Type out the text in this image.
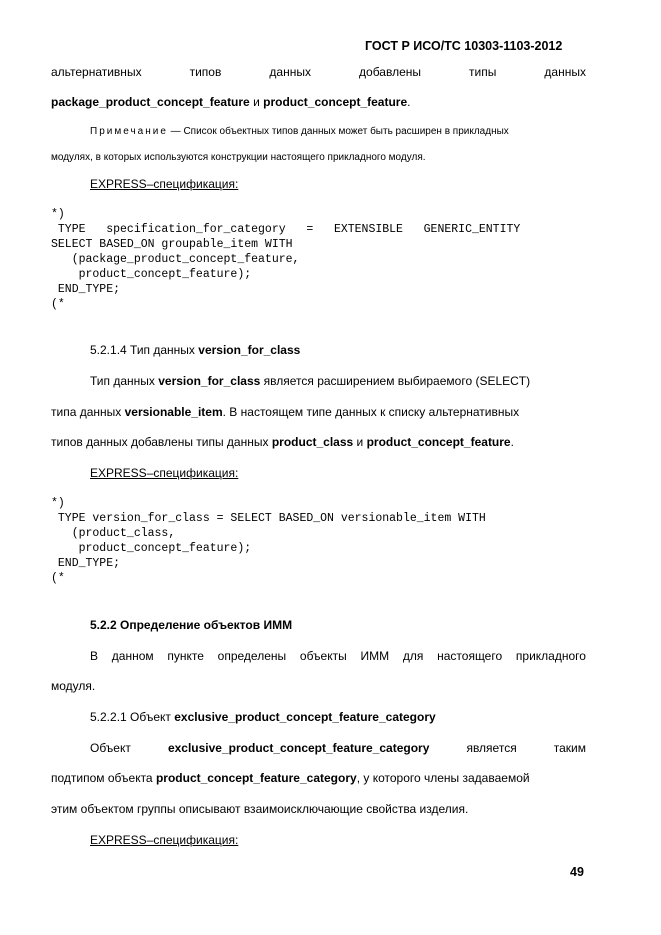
ГОСТ Р ИСО/ТС 10303-1103-2012
альтернативных	типов	данных	добавлены	типы	данных
package_product_concept_feature и product_concept_feature.
Примечание — Список объектных типов данных может быть расширен в прикладных
модулях, в которых используются конструкции настоящего прикладного модуля.
EXPRESS–спецификация:
*)
TYPE   specification_for_category   =   EXTENSIBLE   GENERIC_ENTITY
SELECT BASED_ON groupable_item WITH
(package_product_concept_feature,
product_concept_feature);
END_TYPE;
(*
5.2.1.4 Тип данных version_for_class
Тип данных version_for_class является расширением выбираемого (SELECT)
типа данных versionable_item. В настоящем типе данных к списку альтернативных
типов данных добавлены типы данных product_class и product_concept_feature.
EXPRESS–спецификация:
*)
TYPE version_for_class = SELECT BASED_ON versionable_item WITH
(product_class,
product_concept_feature);
END_TYPE;
(*
5.2.2 Определение объектов ИММ
В данном пункте определены объекты ИММ для настоящего прикладного
модуля.
5.2.2.1 Объект exclusive_product_concept_feature_category
Объект	exclusive_product_concept_feature_category	является	таким
подтипом объекта product_concept_feature_category, у которого члены задаваемой
этим объектом группы описывают взаимоисключающие свойства изделия.
EXPRESS–спецификация:
49
